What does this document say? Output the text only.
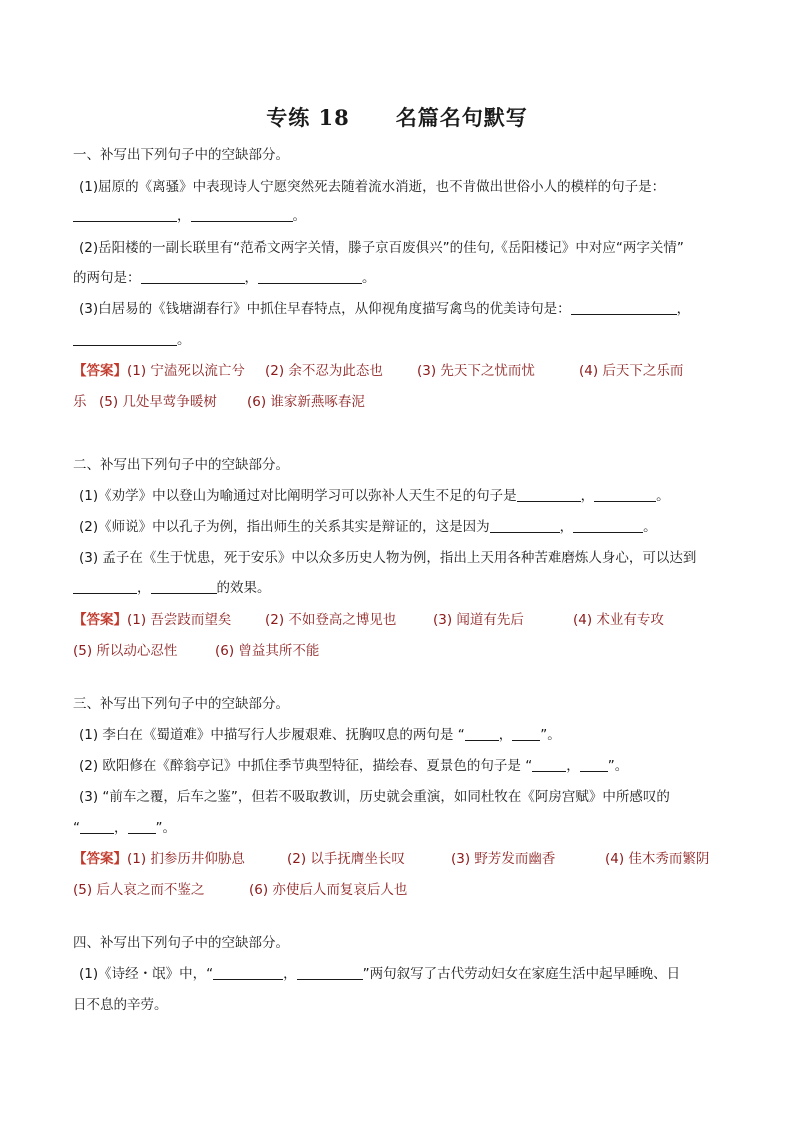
专练 18 名篇名句默写
一、补写出下列句子中的空缺部分。
(1)屈原的《离骚》中表现诗人宁愿突然死去随着流水消逝，也不肯做出世俗小人的模样的句子是：
，	。
(2)岳阳楼的一副长联里有“范希文两字关情，滕子京百废俱兴”的佳句,《岳阳楼记》中对应“两字关情”
的两句是：	，	。
(3)白居易的《钱塘湖春行》中抓住早春特点，从仰视角度描写禽鸟的优美诗句是：	，
。
【答案】(1) 宁溘死以流亡兮 (2) 余不忍为此态也	(3) 先天下之忧而忧	(4) 后天下之乐而
乐 (5) 几处早莺争暖树 (6) 谁家新燕啄春泥
二、补写出下列句子中的空缺部分。
(1)《劝学》中以登山为喻通过对比阐明学习可以弥补人天生不足的句子是	，	。
(2)《师说》中以孔子为例，指出师生的关系其实是辩证的，这是因为	，	。
(3) 孟子在《生于忧患，死于安乐》中以众多历史人物为例，指出上天用各种苦难磨炼人身心，可以达到
，	的效果。
【答案】(1) 吾尝跂而望矣 (2) 不如登高之博见也	(3) 闻道有先后	(4) 术业有专攻
(5) 所以动心忍性	(6) 曾益其所不能
三、补写出下列句子中的空缺部分。
(1) 李白在《蜀道难》中描写行人步履艰难、抚胸叹息的两句是 “	， ”。
(2) 欧阳修在《醉翁亭记》中抓住季节典型特征，描绘春、夏景色的句子是 “	， ”。
(3) “前车之覆，后车之鉴”，但若不吸取教训，历史就会重演，如同杜牧在《阿房宫赋》中所感叹的
“	， ”。
【答案】(1) 扪参历井仰胁息	(2) 以手抚膺坐长叹	(3) 野芳发而幽香	(4) 佳木秀而繁阴
(5) 后人哀之而不鉴之	(6) 亦使后人而复哀后人也
四、补写出下列句子中的空缺部分。
(1)《诗经・氓》中，“	，	”两句叙写了古代劳动妇女在家庭生活中起早睡晚、日
日不息的辛劳。
